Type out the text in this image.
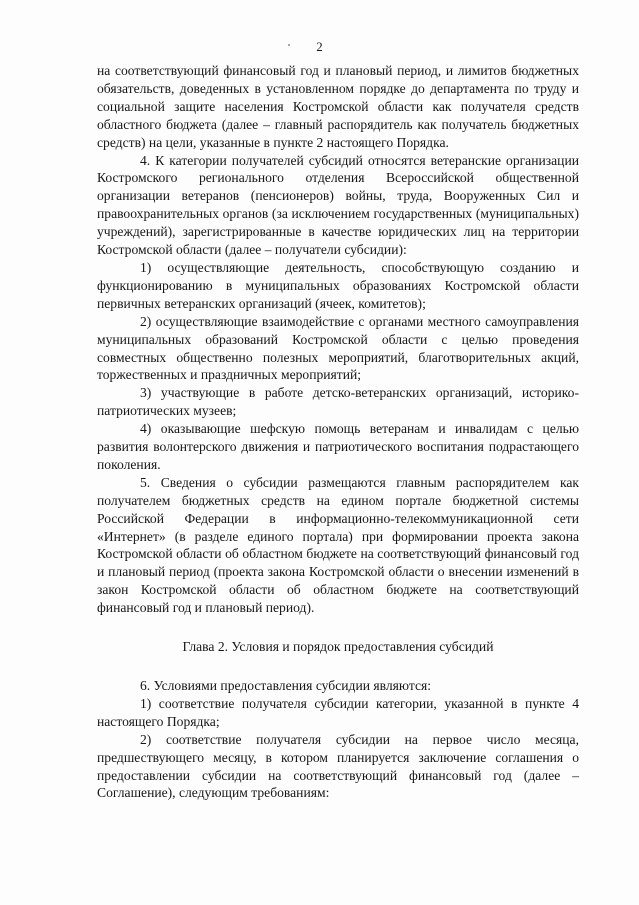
2

на соответствующий финансовый год и плановый период, и лимитов бюджетных обязательств, доведенных в установленном порядке до департамента по труду и социальной защите населения Костромской области как получателя средств областного бюджета (далее – главный распорядитель как получатель бюджетных средств) на цели, указанные в пункте 2 настоящего Порядка.

4. К категории получателей субсидий относятся ветеранские организации Костромского регионального отделения Всероссийской общественной организации ветеранов (пенсионеров) войны, труда, Вооруженных Сил и правоохранительных органов (за исключением государственных (муниципальных) учреждений), зарегистрированные в качестве юридических лиц на территории Костромской области (далее – получатели субсидии):

1) осуществляющие деятельность, способствующую созданию и функционированию в муниципальных образованиях Костромской области первичных ветеранских организаций (ячеек, комитетов);

2) осуществляющие взаимодействие с органами местного самоуправления муниципальных образований Костромской области с целью проведения совместных общественно полезных мероприятий, благотворительных акций, торжественных и праздничных мероприятий;

3) участвующие в работе детско-ветеранских организаций, историко-патриотических музеев;

4) оказывающие шефскую помощь ветеранам и инвалидам с целью развития волонтерского движения и патриотического воспитания подрастающего поколения.

5. Сведения о субсидии размещаются главным распорядителем как получателем бюджетных средств на едином портале бюджетной системы Российской Федерации в информационно-телекоммуникационной сети «Интернет» (в разделе единого портала) при формировании проекта закона Костромской области об областном бюджете на соответствующий финансовый год и плановый период (проекта закона Костромской области о внесении изменений в закон Костромской области об областном бюджете на соответствующий финансовый год и плановый период).

Глава 2. Условия и порядок предоставления субсидий

6. Условиями предоставления субсидии являются:

1) соответствие получателя субсидии категории, указанной в пункте 4 настоящего Порядка;

2) соответствие получателя субсидии на первое число месяца, предшествующего месяцу, в котором планируется заключение соглашения о предоставлении субсидии на соответствующий финансовый год (далее – Соглашение), следующим требованиям:
